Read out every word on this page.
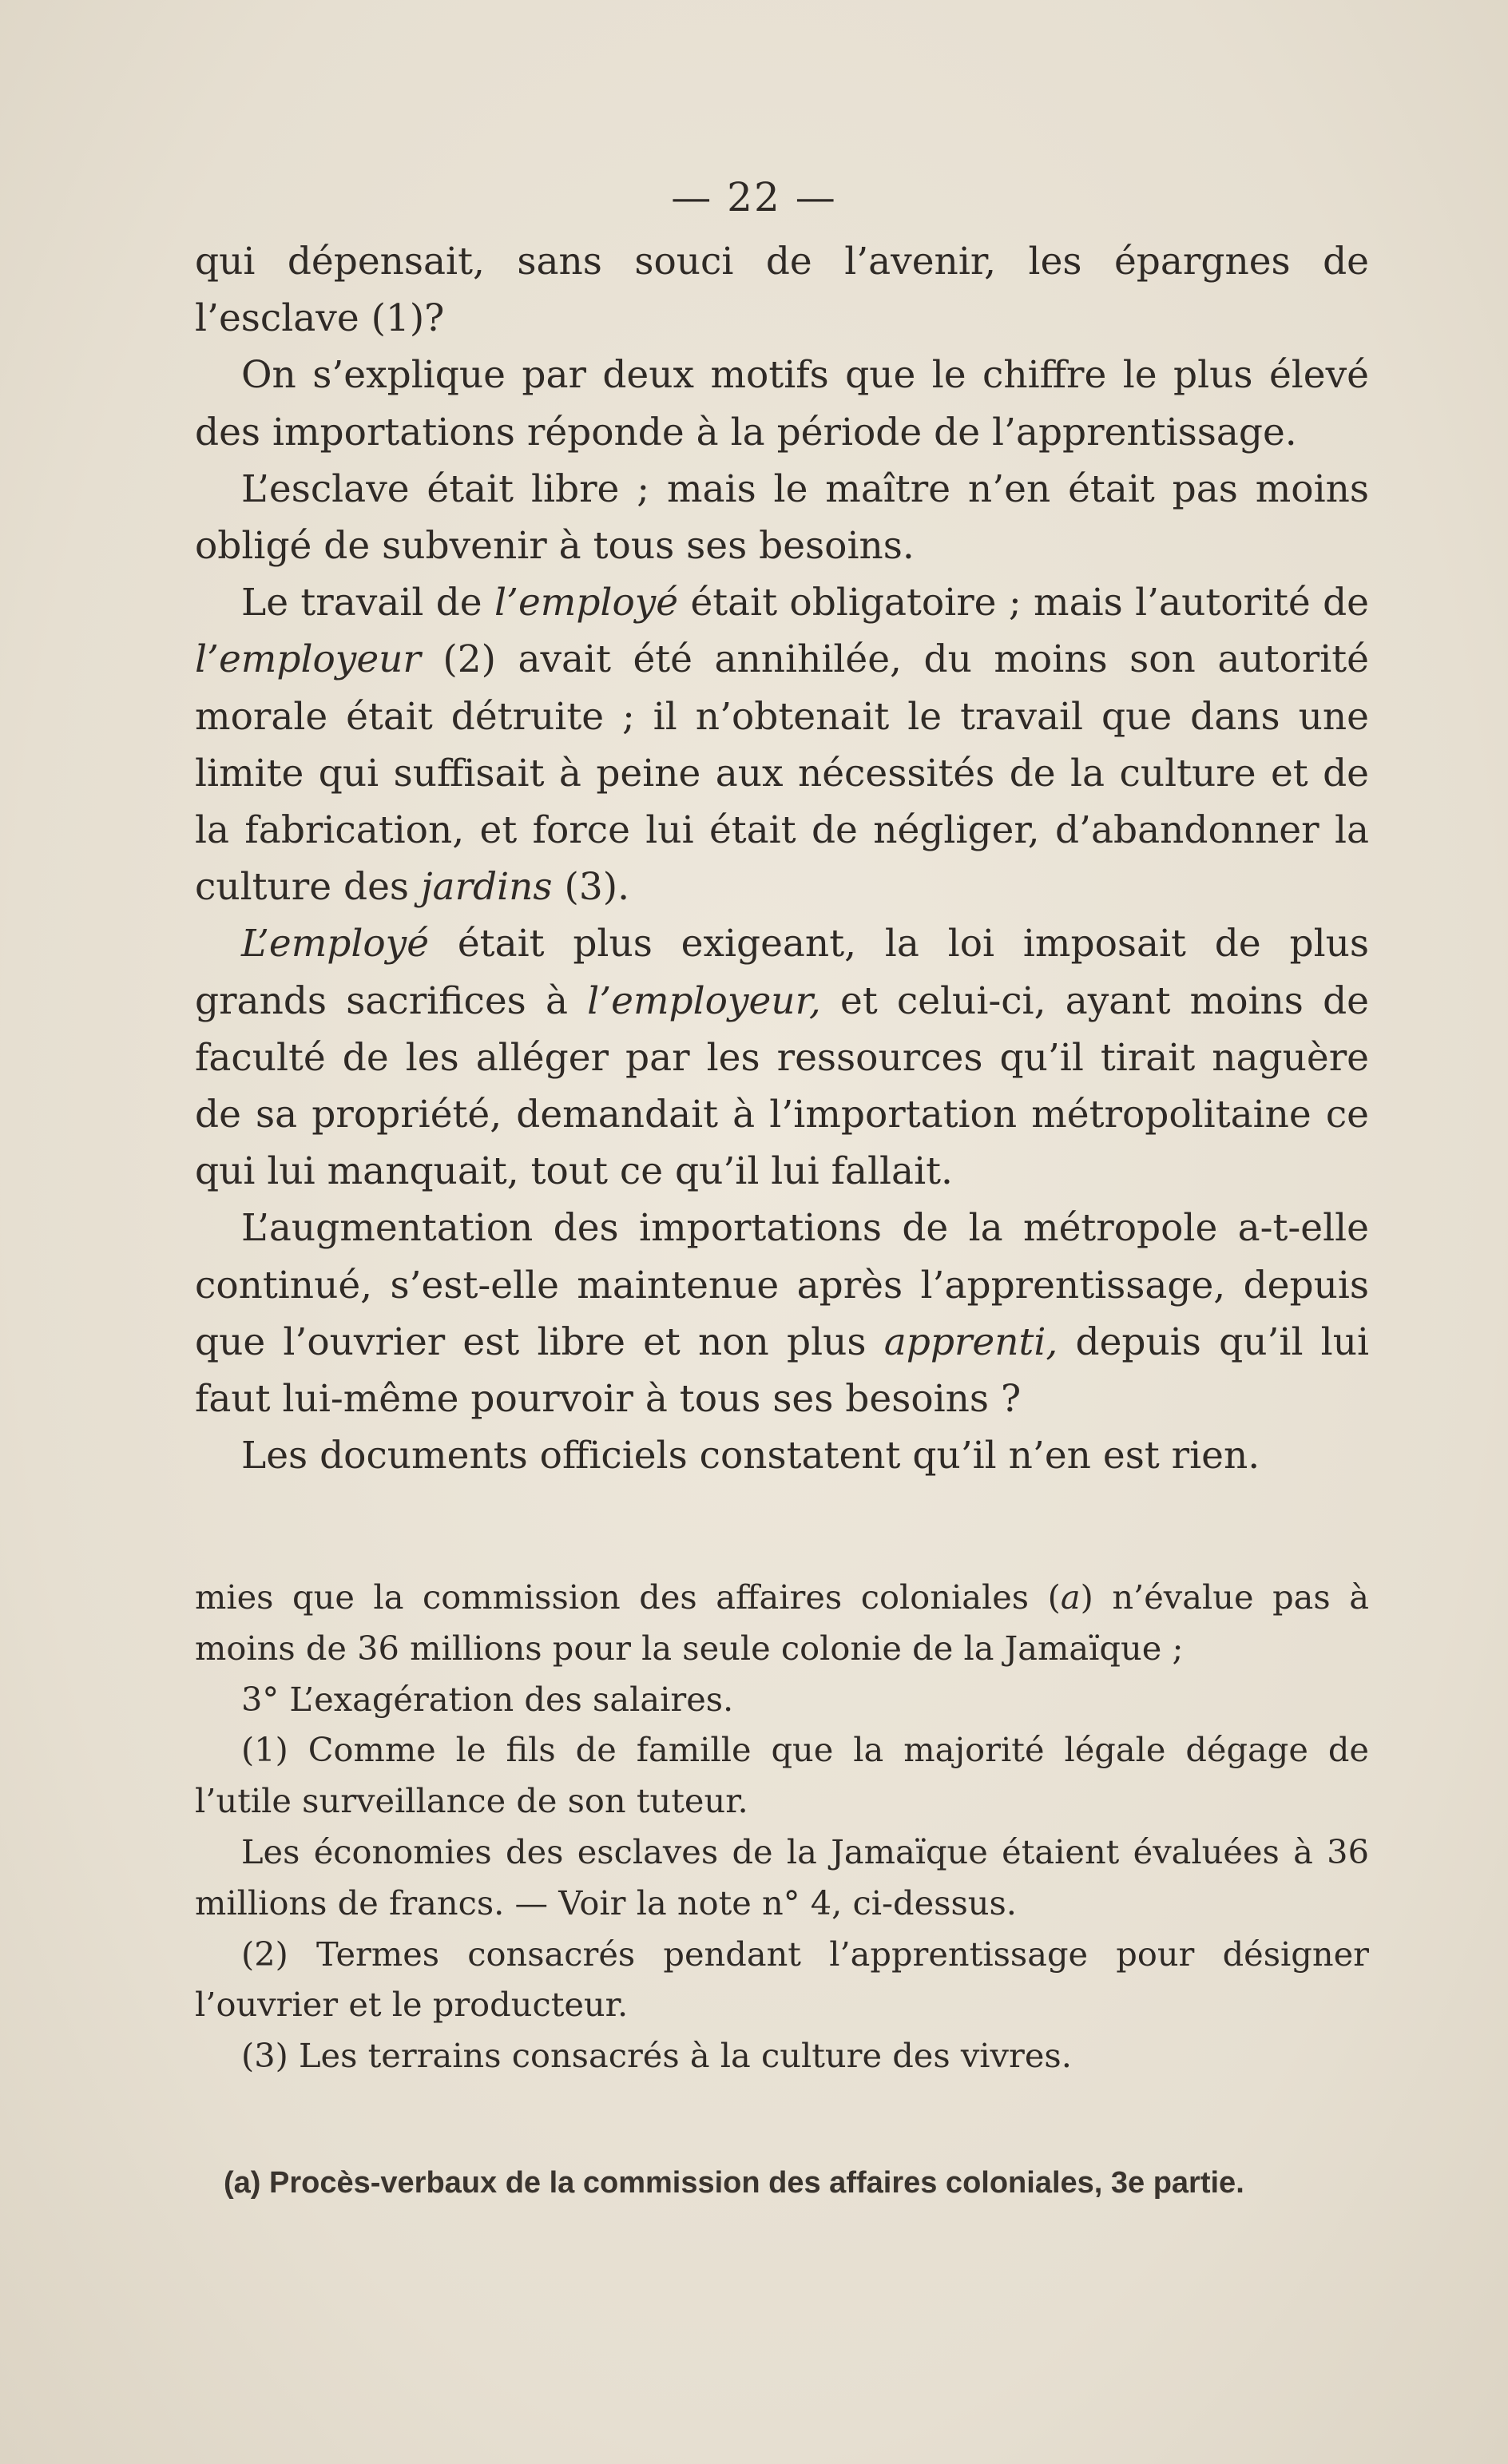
— 22 —

qui dépensait, sans souci de l’avenir, les épargnes de l’esclave (1)?

On s’explique par deux motifs que le chiffre le plus élevé des importations réponde à la période de l’apprentissage.

L’esclave était libre ; mais le maître n’en était pas moins obligé de subvenir à tous ses besoins.

Le travail de l’employé était obligatoire ; mais l’autorité de l’employeur (2) avait été annihilée, du moins son autorité morale était détruite ; il n’obtenait le travail que dans une limite qui suffisait à peine aux nécessités de la culture et de la fabrication, et force lui était de négliger, d’abandonner la culture des jardins (3).

L’employé était plus exigeant, la loi imposait de plus grands sacrifices à l’employeur, et celui-ci, ayant moins de faculté de les alléger par les ressources qu’il tirait naguère de sa propriété, demandait à l’importation métropolitaine ce qui lui manquait, tout ce qu’il lui fallait.

L’augmentation des importations de la métropole a-t-elle continué, s’est-elle maintenue après l’apprentissage, depuis que l’ouvrier est libre et non plus apprenti, depuis qu’il lui faut lui-même pourvoir à tous ses besoins ?

Les documents officiels constatent qu’il n’en est rien.

mies que la commission des affaires coloniales (a) n’évalue pas à moins de 36 millions pour la seule colonie de la Jamaïque ;

3° L’exagération des salaires.

(1) Comme le fils de famille que la majorité légale dégage de l’utile surveillance de son tuteur.

Les économies des esclaves de la Jamaïque étaient évaluées à 36 millions de francs. — Voir la note n° 4, ci-dessus.

(2) Termes consacrés pendant l’apprentissage pour désigner l’ouvrier et le producteur.

(3) Les terrains consacrés à la culture des vivres.

(a) Procès-verbaux de la commission des affaires coloniales, 3e partie.
